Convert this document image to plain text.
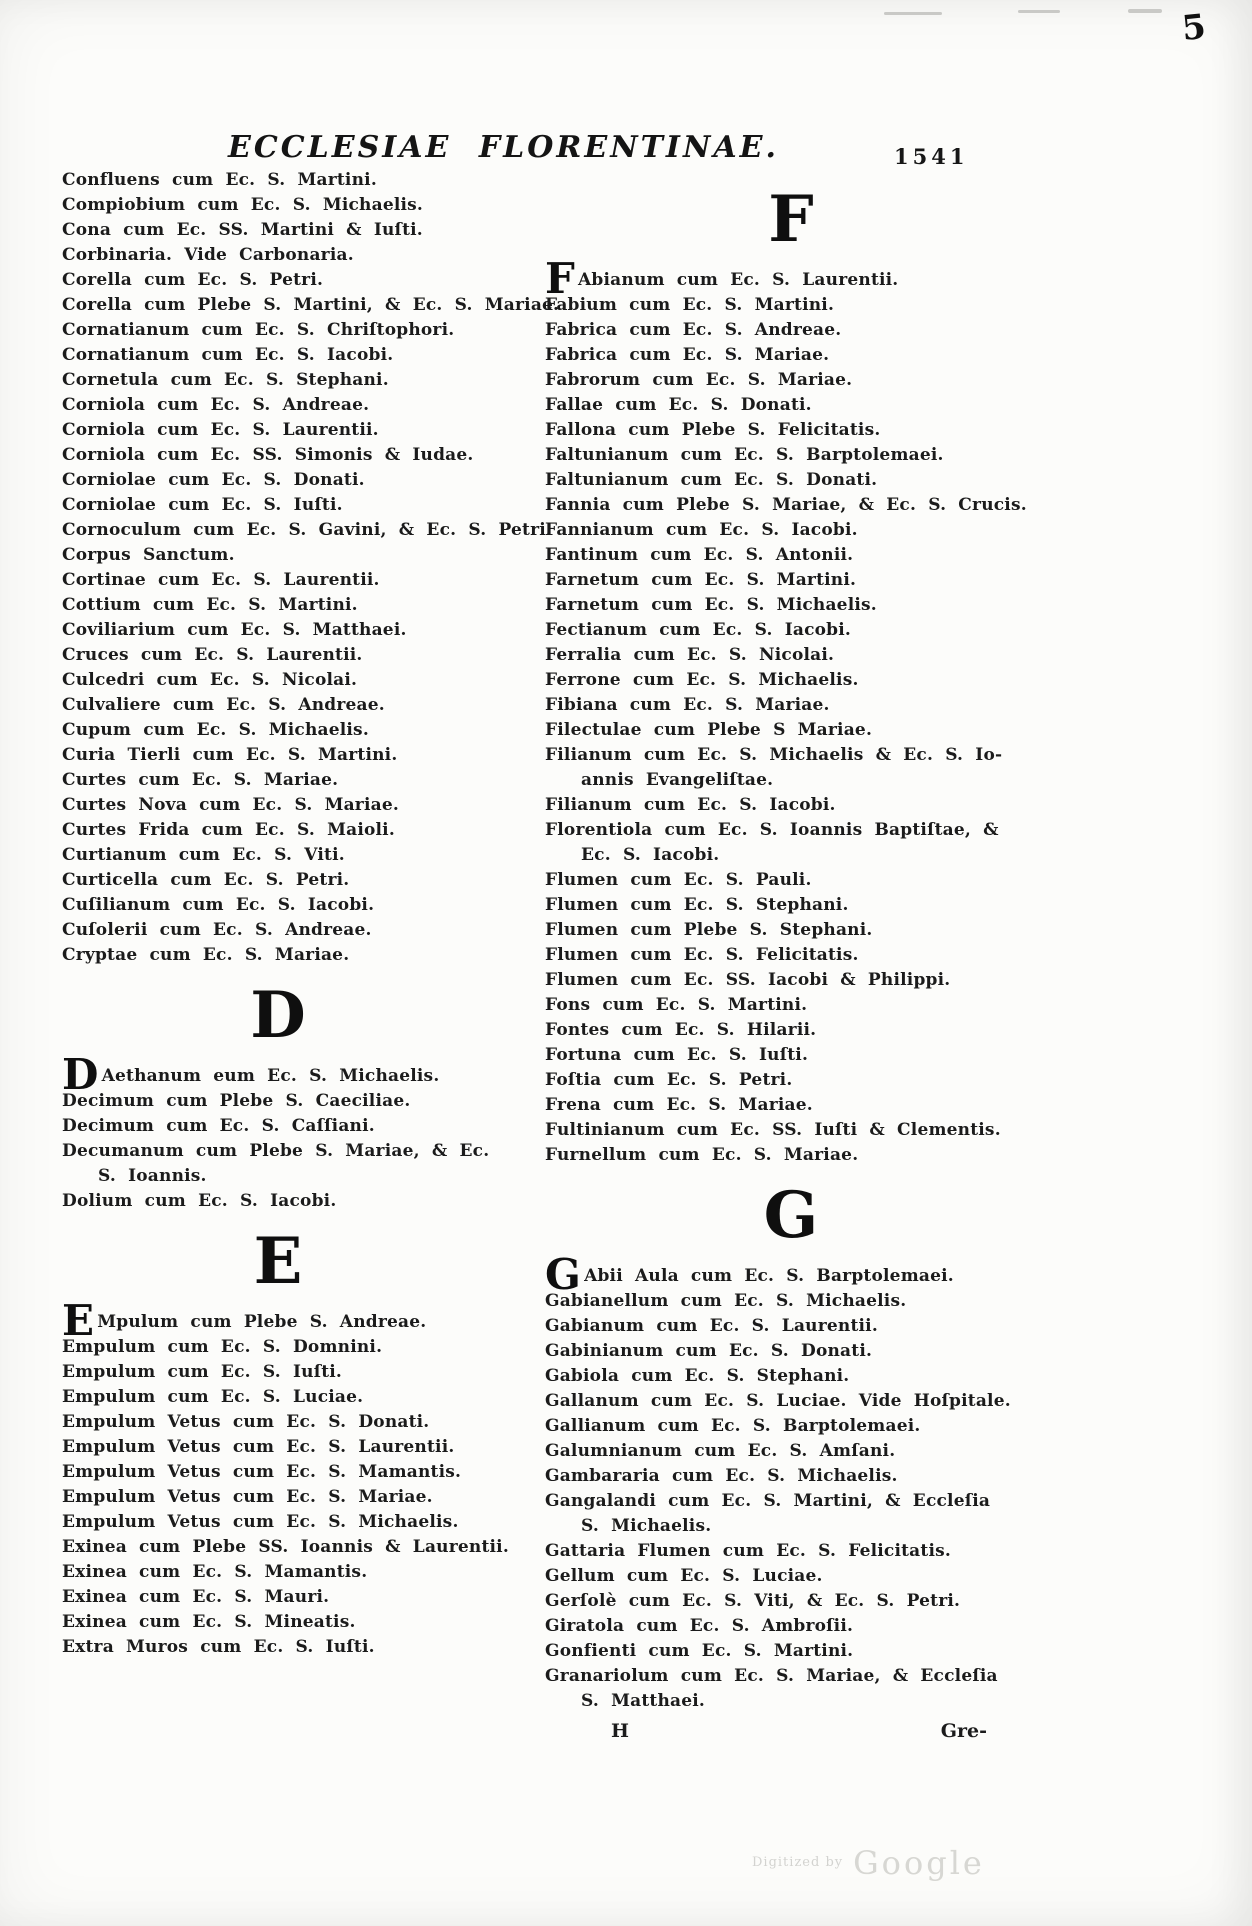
5
ECCLESIAE FLORENTINAE.	1541
Confluens cum Ec. S. Martini.
Compiobium cum Ec. S. Michaelis.
Cona cum Ec. SS. Martini & Iuſti.
Corbinaria. Vide Carbonaria.
Corella cum Ec. S. Petri.
Corella cum Plebe S. Martini, & Ec. S. Mariae.
Cornatianum cum Ec. S. Chriſtophori.
Cornatianum cum Ec. S. Iacobi.
Cornetula cum Ec. S. Stephani.
Corniola cum Ec. S. Andreae.
Corniola cum Ec. S. Laurentii.
Corniola cum Ec. SS. Simonis & Iudae.
Corniolae cum Ec. S. Donati.
Corniolae cum Ec. S. Iuſti.
Cornoculum cum Ec. S. Gavini, & Ec. S. Petri.
Corpus Sanctum.
Cortinae cum Ec. S. Laurentii.
Cottium cum Ec. S. Martini.
Coviliarium cum Ec. S. Matthaei.
Cruces cum Ec. S. Laurentii.
Culcedri cum Ec. S. Nicolai.
Culvaliere cum Ec. S. Andreae.
Cupum cum Ec. S. Michaelis.
Curia Tierli cum Ec. S. Martini.
Curtes cum Ec. S. Mariae.
Curtes Nova cum Ec. S. Mariae.
Curtes Frida cum Ec. S. Maioli.
Curtianum cum Ec. S. Viti.
Curticella cum Ec. S. Petri.
Cuſilianum cum Ec. S. Iacobi.
Cuſolerii cum Ec. S. Andreae.
Cryptae cum Ec. S. Mariae.
D
D Aethanum eum Ec. S. Michaelis.
Decimum cum Plebe S. Caeciliae.
Decimum cum Ec. S. Caſſiani.
Decumanum cum Plebe S. Mariae, & Ec.
S. Ioannis.
Dolium cum Ec. S. Iacobi.
E
E Mpulum cum Plebe S. Andreae.
Empulum cum Ec. S. Domnini.
Empulum cum Ec. S. Iuſti.
Empulum cum Ec. S. Luciae.
Empulum Vetus cum Ec. S. Donati.
Empulum Vetus cum Ec. S. Laurentii.
Empulum Vetus cum Ec. S. Mamantis.
Empulum Vetus cum Ec. S. Mariae.
Empulum Vetus cum Ec. S. Michaelis.
Exinea cum Plebe SS. Ioannis & Laurentii.
Exinea cum Ec. S. Mamantis.
Exinea cum Ec. S. Mauri.
Exinea cum Ec. S. Mineatis.
Extra Muros cum Ec. S. Iuſti.
F
F Abianum cum Ec. S. Laurentii.
Fabium cum Ec. S. Martini.
Fabrica cum Ec. S. Andreae.
Fabrica cum Ec. S. Mariae.
Fabrorum cum Ec. S. Mariae.
Fallae cum Ec. S. Donati.
Fallona cum Plebe S. Felicitatis.
Faltunianum cum Ec. S. Barptolemaei.
Faltunianum cum Ec. S. Donati.
Fannia cum Plebe S. Mariae, & Ec. S. Crucis.
Fannianum cum Ec. S. Iacobi.
Fantinum cum Ec. S. Antonii.
Farnetum cum Ec. S. Martini.
Farnetum cum Ec. S. Michaelis.
Fectianum cum Ec. S. Iacobi.
Ferralia cum Ec. S. Nicolai.
Ferrone cum Ec. S. Michaelis.
Fibiana cum Ec. S. Mariae.
Filectulae cum Plebe S Mariae.
Filianum cum Ec. S. Michaelis & Ec. S. Io-
annis Evangeliſtae.
Filianum cum Ec. S. Iacobi.
Florentiola cum Ec. S. Ioannis Baptiſtae, &
Ec. S. Iacobi.
Flumen cum Ec. S. Pauli.
Flumen cum Ec. S. Stephani.
Flumen cum Plebe S. Stephani.
Flumen cum Ec. S. Felicitatis.
Flumen cum Ec. SS. Iacobi & Philippi.
Fons cum Ec. S. Martini.
Fontes cum Ec. S. Hilarii.
Fortuna cum Ec. S. Iuſti.
Foſtia cum Ec. S. Petri.
Frena cum Ec. S. Mariae.
Fultinianum cum Ec. SS. Iuſti & Clementis.
Furnellum cum Ec. S. Mariae.
G
G Abii Aula cum Ec. S. Barptolemaei.
Gabianellum cum Ec. S. Michaelis.
Gabianum cum Ec. S. Laurentii.
Gabinianum cum Ec. S. Donati.
Gabiola cum Ec. S. Stephani.
Gallanum cum Ec. S. Luciae. Vide Hoſpitale.
Gallianum cum Ec. S. Barptolemaei.
Galumnianum cum Ec. S. Amſani.
Gambararia cum Ec. S. Michaelis.
Gangalandi cum Ec. S. Martini, & Eccleſia
S. Michaelis.
Gattaria Flumen cum Ec. S. Felicitatis.
Gellum cum Ec. S. Luciae.
Gerſolè cum Ec. S. Viti, & Ec. S. Petri.
Giratola cum Ec. S. Ambroſii.
Gonfienti cum Ec. S. Martini.
Granariolum cum Ec. S. Mariae, & Eccleſia
S. Matthaei.
H	Gre-
$^{Digitized by}$ Google
